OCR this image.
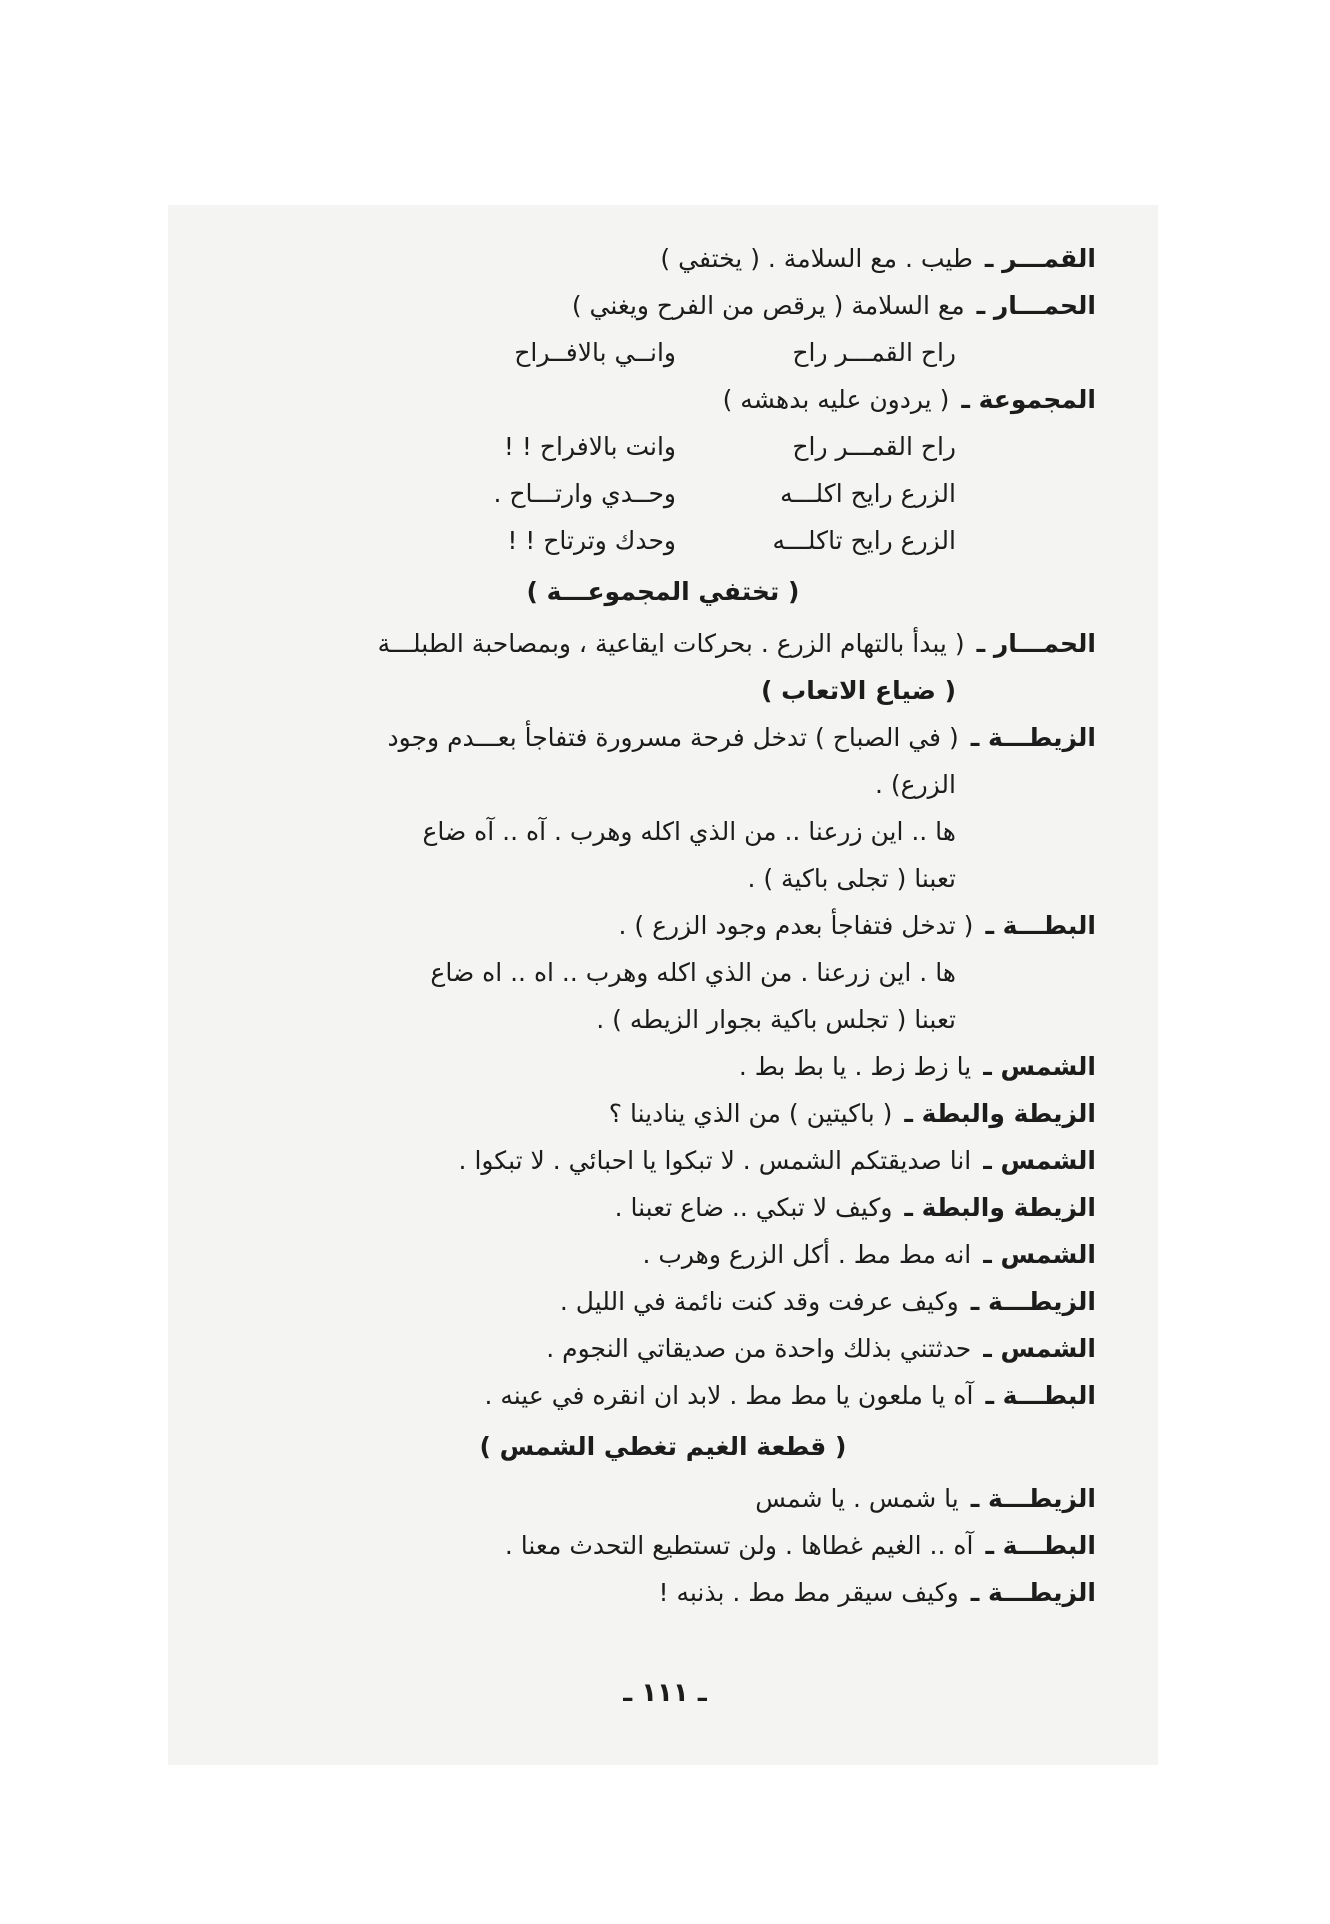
القمـــر ـ
طيب . مع السلامة . ( يختفي )
الحمـــار ـ
مع السلامة ( يرقص من الفرح ويغني )
راح القمـــر راح
وانــي بالافــراح
المجموعة ـ
( يردون عليه بدهشه )
راح القمـــر راح
وانت بالافراح ! !
الزرع رايح اكلـــه
وحــدي وارتـــاح .
الزرع رايح تاكلـــه
وحدك وترتاح ! !
( تختفي المجموعـــة )
الحمـــار ـ
( يبدأ بالتهام الزرع . بحركات ايقاعية ، وبمصاحبة الطبلـــة
( ضياع الاتعاب )
الزيطـــة ـ
( في الصباح ) تدخل فرحة مسرورة فتفاجأ بعـــدم وجود
الزرع) .
ها .. اين زرعنا .. من الذي اكله وهرب . آه .. آه ضاع
تعبنا ( تجلى باكية ) .
البطـــة ـ
( تدخل فتفاجأ بعدم وجود الزرع ) .
ها . اين زرعنا . من الذي اكله وهرب .. اه .. اه ضاع
تعبنا ( تجلس باكية بجوار الزيطه ) .
الشمس ـ
يا زط زط . يا بط بط .
الزيطة والبطة ـ
( باكيتين ) من الذي ينادينا ؟
الشمس ـ
انا صديقتكم الشمس . لا تبكوا يا احبائي . لا تبكوا .
الزيطة والبطة ـ
وكيف لا تبكي .. ضاع تعبنا .
الشمس ـ
انه مط مط . أكل الزرع وهرب .
الزيطـــة ـ
وكيف عرفت وقد كنت نائمة في الليل .
الشمس ـ
حدثتني بذلك واحدة من صديقاتي النجوم .
البطـــة ـ
آه يا ملعون يا مط مط . لابد ان انقره في عينه .
( قطعة الغيم تغطي الشمس )
الزيطـــة ـ
يا شمس . يا شمس
البطـــة ـ
آه .. الغيم غطاها . ولن تستطيع التحدث معنا .
الزيطـــة ـ
وكيف سيقر مط مط . بذنبه !
ـ ١١١ ـ
